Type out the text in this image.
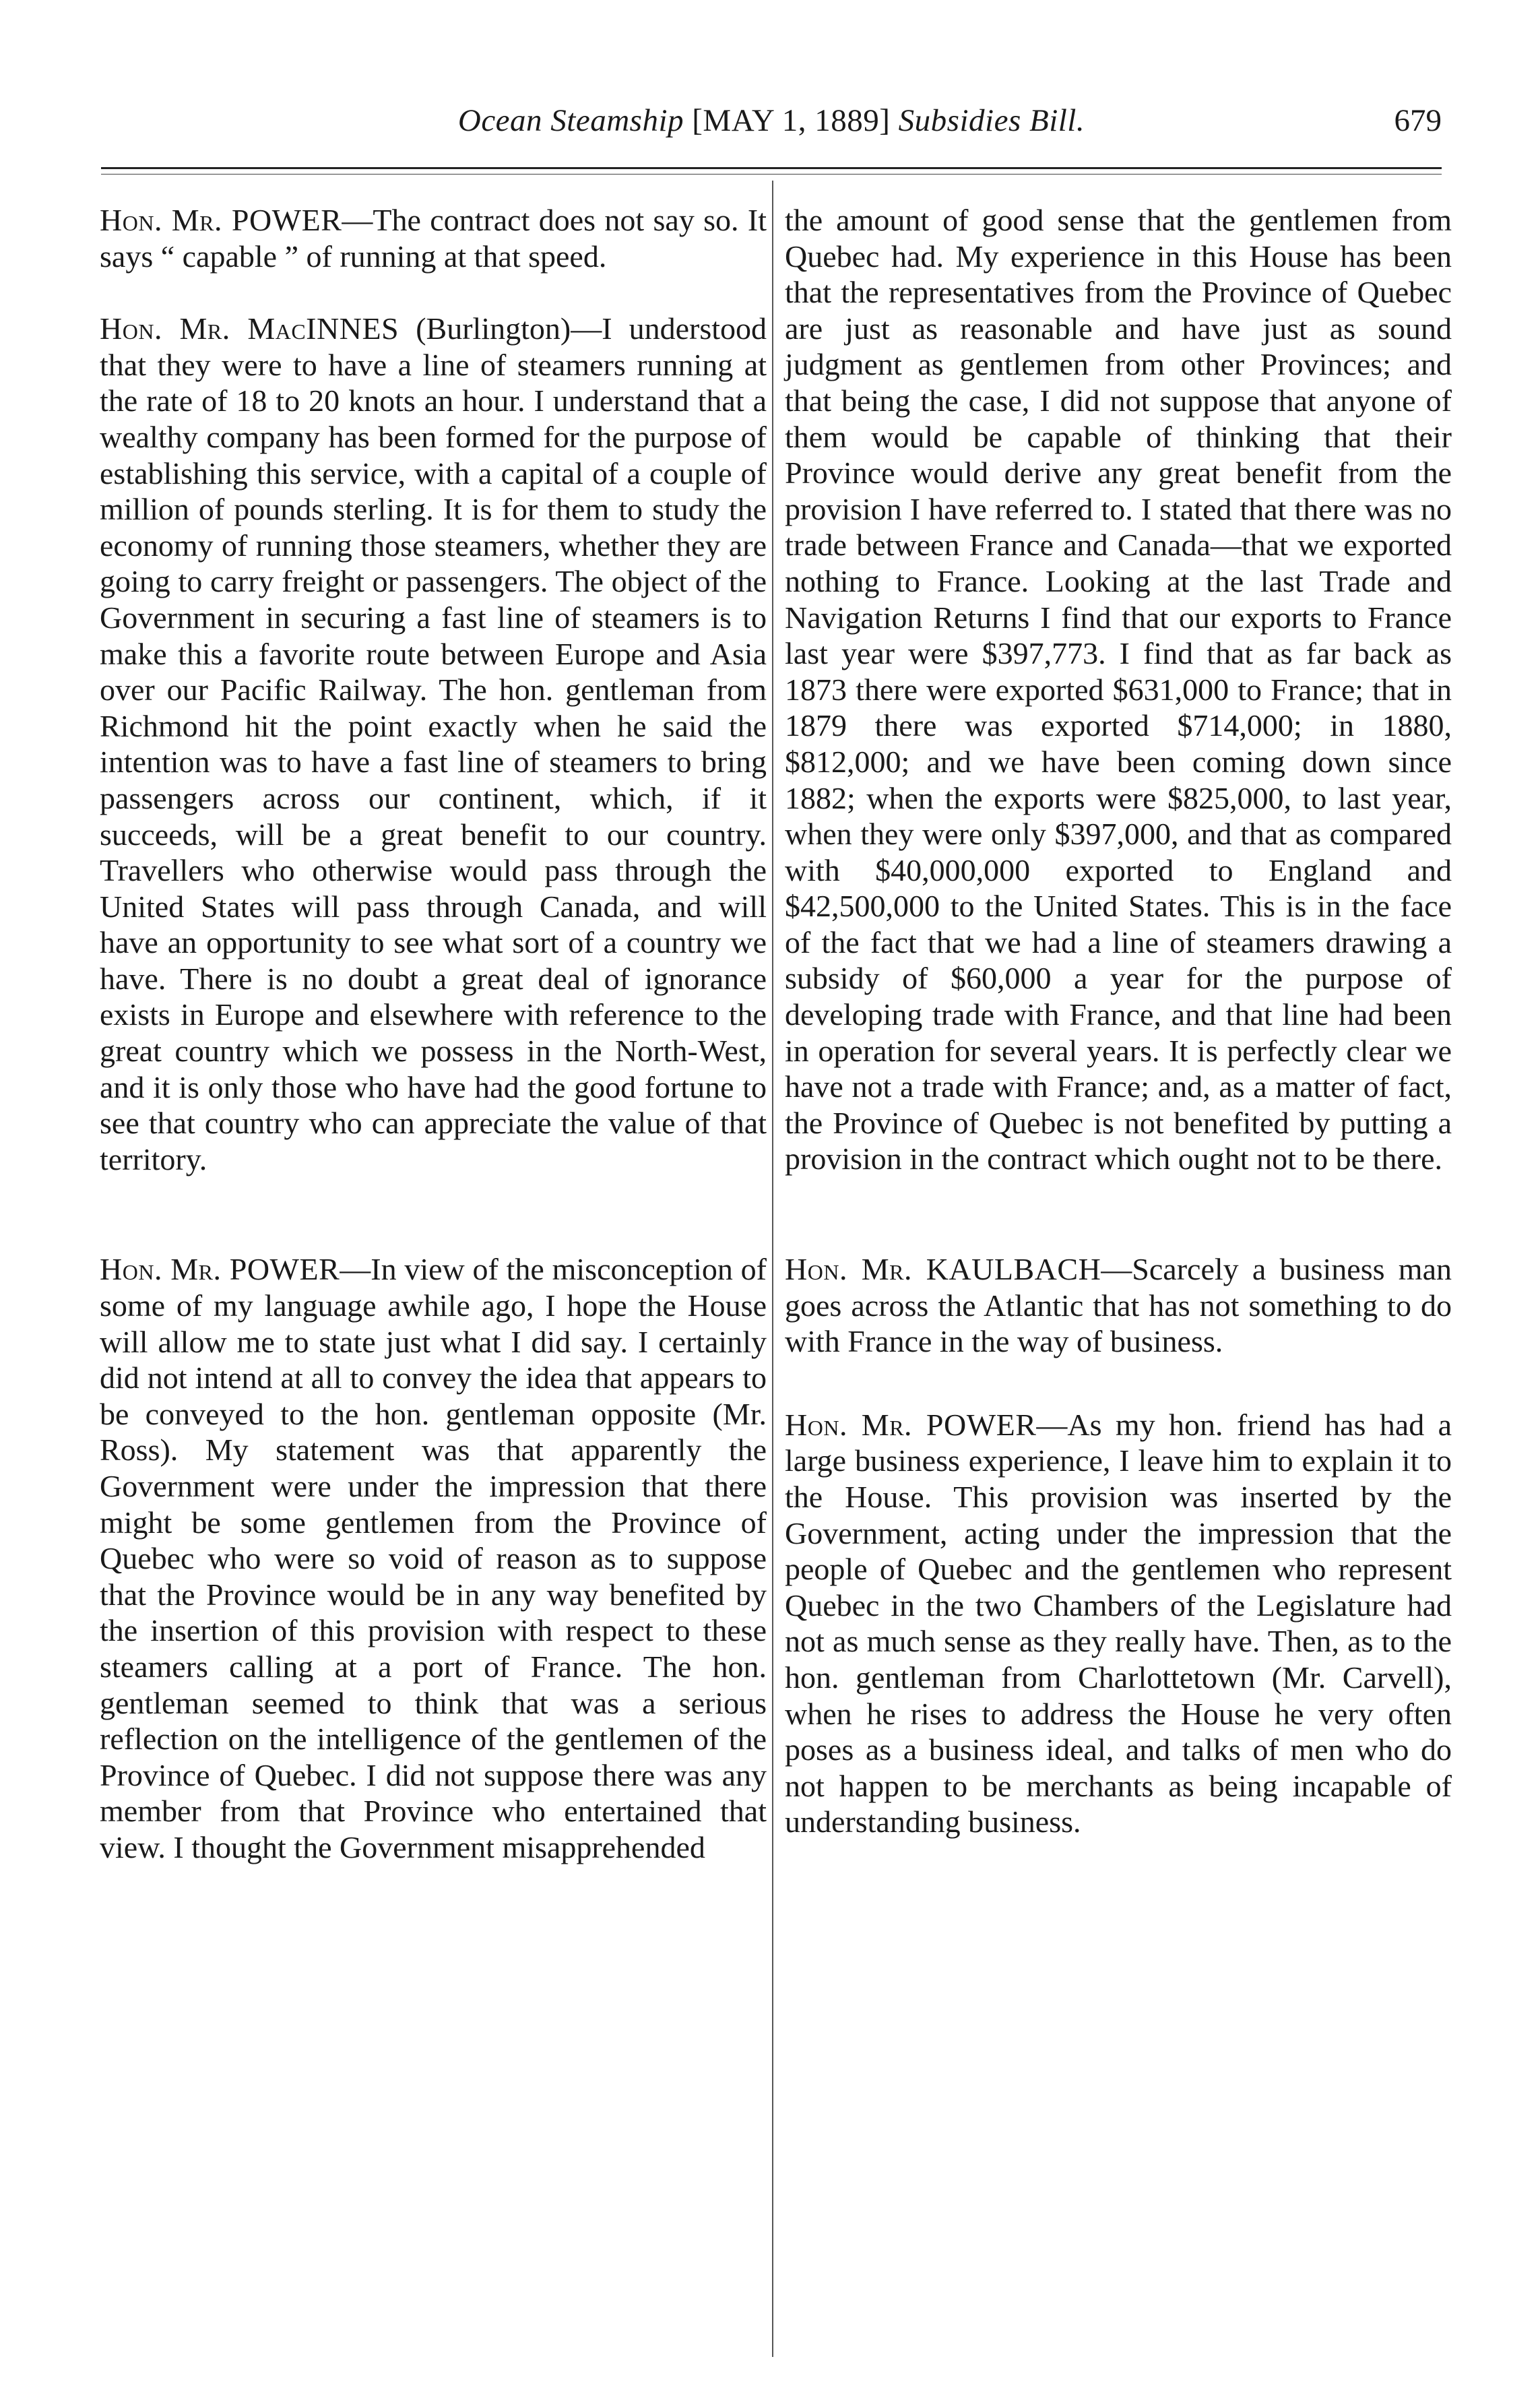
Ocean Steamship [MAY 1, 1889] Subsidies Bill.	679

Hon. Mr. POWER—The contract does not say so. It says “ capable ” of running at that speed.

Hon. Mr. MacINNES (Burlington)—I understood that they were to have a line of steamers running at the rate of 18 to 20 knots an hour. I understand that a wealthy company has been formed for the purpose of establishing this service, with a capital of a couple of million of pounds sterling. It is for them to study the economy of running those steamers, whether they are going to carry freight or passengers. The object of the Government in securing a fast line of steamers is to make this a favorite route between Europe and Asia over our Pacific Railway. The hon. gentleman from Richmond hit the point exactly when he said the intention was to have a fast line of steamers to bring passengers across our continent, which, if it succeeds, will be a great benefit to our country. Travellers who otherwise would pass through the United States will pass through Canada, and will have an opportunity to see what sort of a country we have. There is no doubt a great deal of ignorance exists in Europe and elsewhere with reference to the great country which we possess in the North-West, and it is only those who have had the good fortune to see that country who can appreciate the value of that territory.

Hon. Mr. POWER—In view of the misconception of some of my language awhile ago, I hope the House will allow me to state just what I did say. I certainly did not intend at all to convey the idea that appears to be conveyed to the hon. gentleman opposite (Mr. Ross). My statement was that apparently the Government were under the impression that there might be some gentlemen from the Province of Quebec who were so void of reason as to suppose that the Province would be in any way benefited by the insertion of this provision with respect to these steamers calling at a port of France. The hon. gentleman seemed to think that was a serious reflection on the intelligence of the gentlemen of the Province of Quebec. I did not suppose there was any member from that Province who entertained that view. I thought the Government misapprehended

the amount of good sense that the gentlemen from Quebec had. My experience in this House has been that the representatives from the Province of Quebec are just as reasonable and have just as sound judgment as gentlemen from other Provinces; and that being the case, I did not suppose that anyone of them would be capable of thinking that their Province would derive any great benefit from the provision I have referred to. I stated that there was no trade between France and Canada—that we exported nothing to France. Looking at the last Trade and Navigation Returns I find that our exports to France last year were $397,773. I find that as far back as 1873 there were exported $631,000 to France; that in 1879 there was exported $714,000; in 1880, $812,000; and we have been coming down since 1882; when the exports were $825,000, to last year, when they were only $397,000, and that as compared with $40,000,000 exported to England and $42,500,000 to the United States. This is in the face of the fact that we had a line of steamers drawing a subsidy of $60,000 a year for the purpose of developing trade with France, and that line had been in operation for several years. It is perfectly clear we have not a trade with France; and, as a matter of fact, the Province of Quebec is not benefited by putting a provision in the contract which ought not to be there.

Hon. Mr. KAULBACH—Scarcely a business man goes across the Atlantic that has not something to do with France in the way of business.

Hon. Mr. POWER—As my hon. friend has had a large business experience, I leave him to explain it to the House. This provision was inserted by the Government, acting under the impression that the people of Quebec and the gentlemen who represent Quebec in the two Chambers of the Legislature had not as much sense as they really have. Then, as to the hon. gentleman from Charlottetown (Mr. Carvell), when he rises to address the House he very often poses as a business ideal, and talks of men who do not happen to be merchants as being incapable of understanding business.
